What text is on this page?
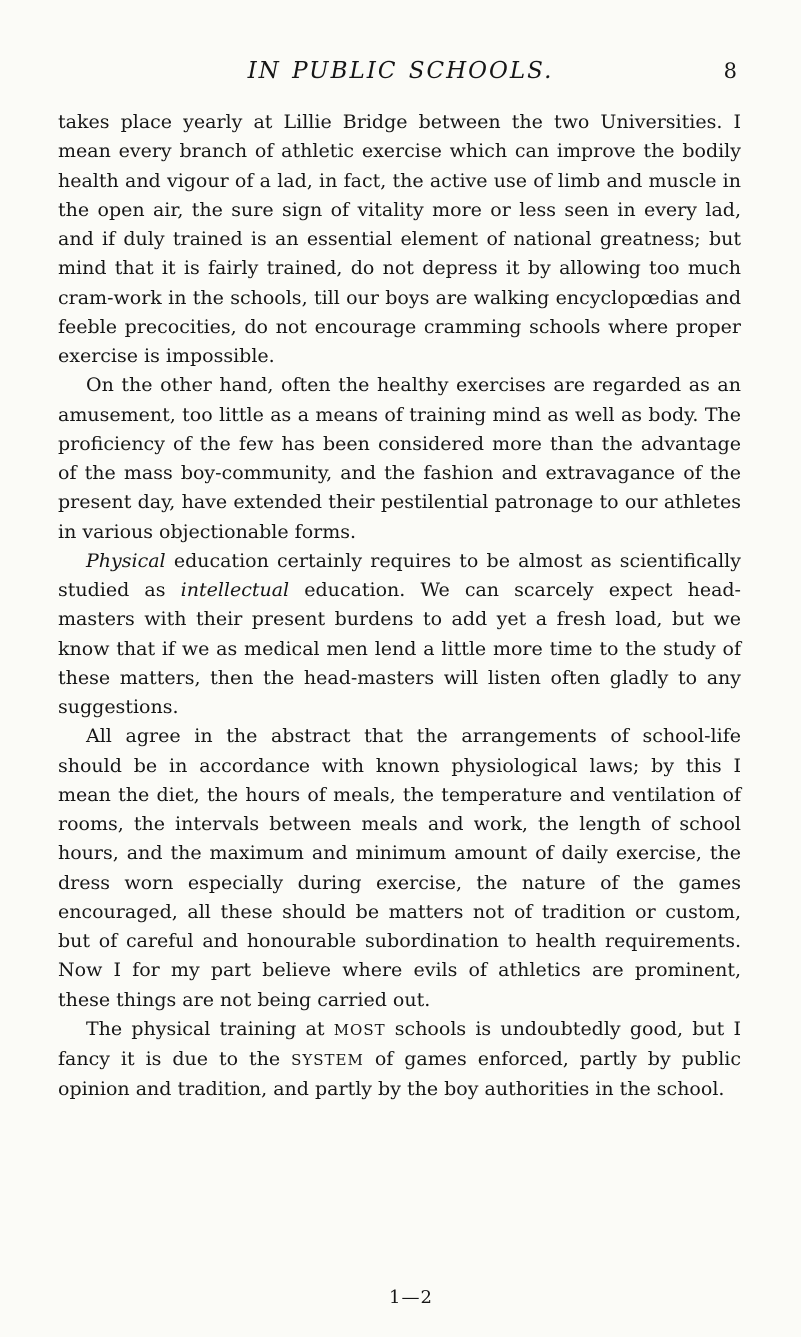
IN PUBLIC SCHOOLS.	8

takes place yearly at Lillie Bridge between the two Universities. I mean every branch of athletic exercise which can improve the bodily health and vigour of a lad, in fact, the active use of limb and muscle in the open air, the sure sign of vitality more or less seen in every lad, and if duly trained is an essential element of national greatness; but mind that it is fairly trained, do not depress it by allowing too much cram-work in the schools, till our boys are walking encyclopœdias and feeble precocities, do not encourage cramming schools where proper exercise is impossible.

On the other hand, often the healthy exercises are regarded as an amusement, too little as a means of training mind as well as body. The proficiency of the few has been considered more than the advantage of the mass boy-community, and the fashion and extravagance of the present day, have extended their pestilential patronage to our athletes in various objectionable forms.

Physical education certainly requires to be almost as scientifically studied as intellectual education. We can scarcely expect head-masters with their present burdens to add yet a fresh load, but we know that if we as medical men lend a little more time to the study of these matters, then the head-masters will listen often gladly to any suggestions.

All agree in the abstract that the arrangements of school-life should be in accordance with known physiological laws; by this I mean the diet, the hours of meals, the temperature and ventilation of rooms, the intervals between meals and work, the length of school hours, and the maximum and minimum amount of daily exercise, the dress worn especially during exercise, the nature of the games encouraged, all these should be matters not of tradition or custom, but of careful and honourable subordination to health requirements. Now I for my part believe where evils of athletics are prominent, these things are not being carried out.

The physical training at MOST schools is undoubtedly good, but I fancy it is due to the SYSTEM of games enforced, partly by public opinion and tradition, and partly by the boy authorities in the school.

1—2
